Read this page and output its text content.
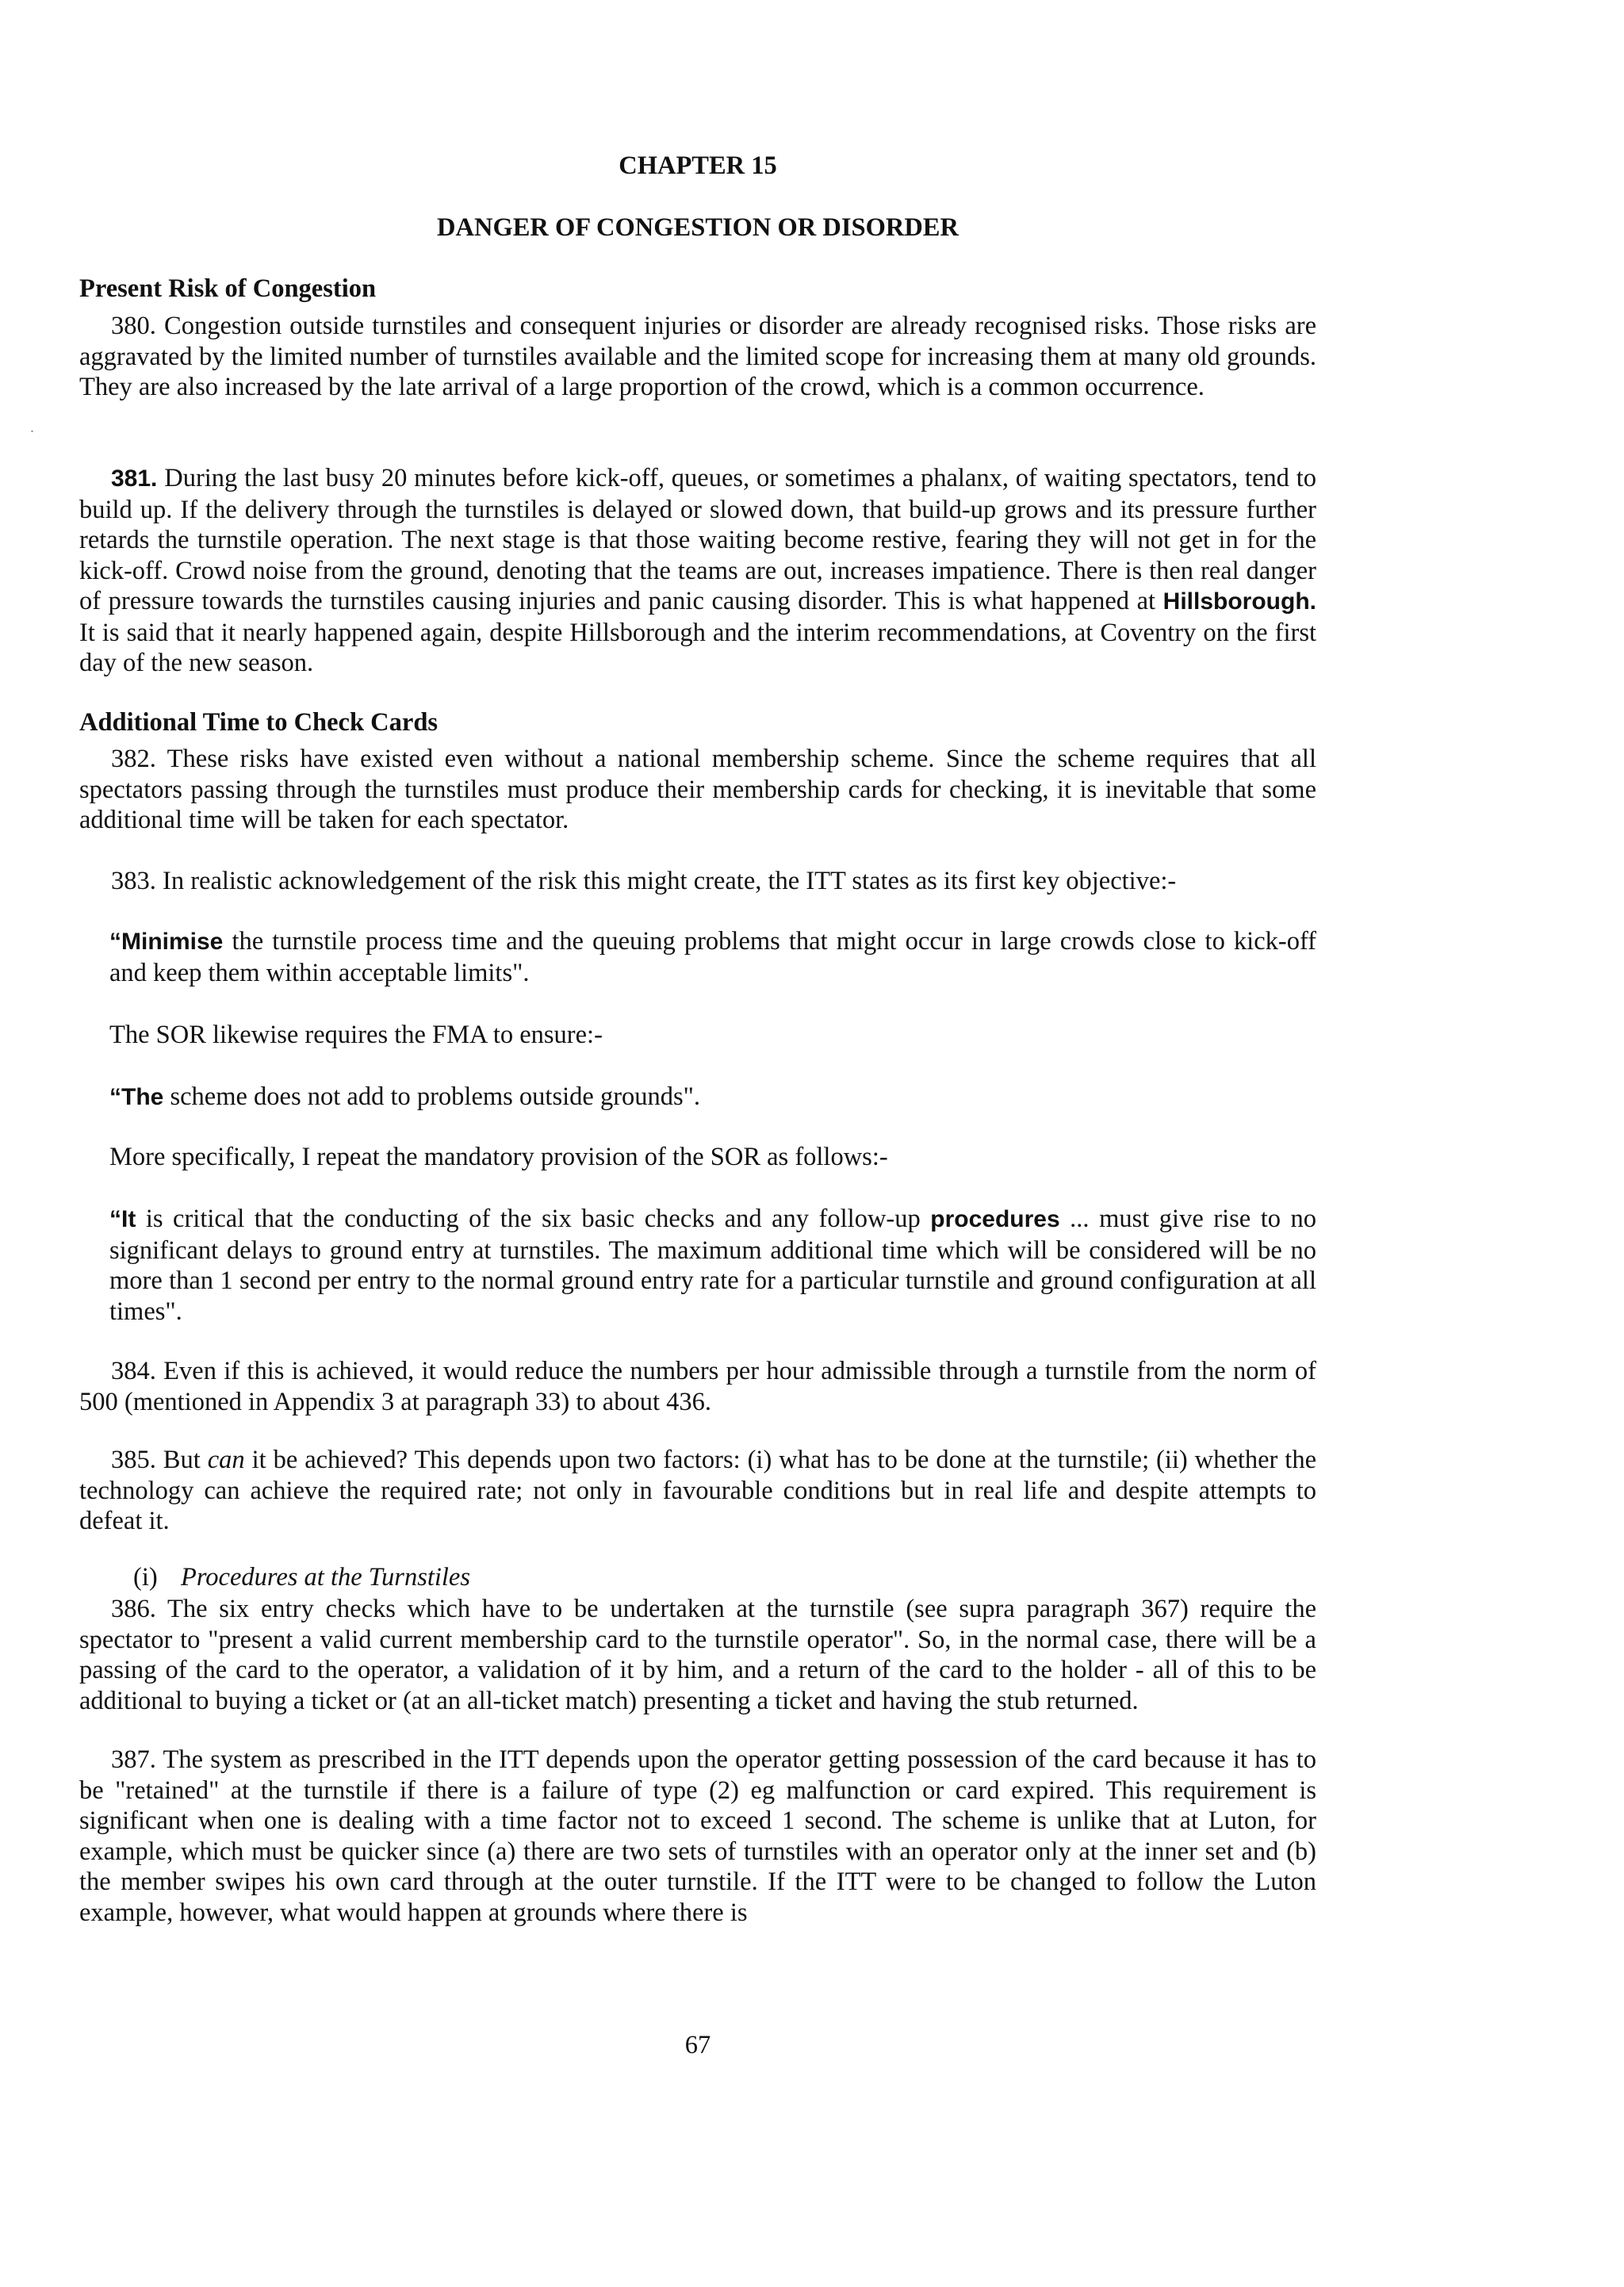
CHAPTER 15
DANGER OF CONGESTION OR DISORDER
Present Risk of Congestion

380. Congestion outside turnstiles and consequent injuries or disorder are already recognised risks. Those risks are aggravated by the limited number of turnstiles available and the limited scope for increasing them at many old grounds. They are also increased by the late arrival of a large proportion of the crowd, which is a common occurrence.

381. During the last busy 20 minutes before kick-off, queues, or sometimes a phalanx, of waiting spectators, tend to build up. If the delivery through the turnstiles is delayed or slowed down, that build-up grows and its pressure further retards the turnstile operation. The next stage is that those waiting become restive, fearing they will not get in for the kick-off. Crowd noise from the ground, denoting that the teams are out, increases impatience. There is then real danger of pressure towards the turnstiles causing injuries and panic causing disorder. This is what happened at Hillsborough. It is said that it nearly happened again, despite Hillsborough and the interim recommendations, at Coventry on the first day of the new season.

Additional Time to Check Cards

382. These risks have existed even without a national membership scheme. Since the scheme requires that all spectators passing through the turnstiles must produce their membership cards for checking, it is inevitable that some additional time will be taken for each spectator.

383. In realistic acknowledgement of the risk this might create, the ITT states as its first key objective:-

“Minimise the turnstile process time and the queuing problems that might occur in large crowds close to kick-off and keep them within acceptable limits".

The SOR likewise requires the FMA to ensure:-

“The scheme does not add to problems outside grounds".

More specifically, I repeat the mandatory provision of the SOR as follows:-

“It is critical that the conducting of the six basic checks and any follow-up procedures ... must give rise to no significant delays to ground entry at turnstiles. The maximum additional time which will be considered will be no more than 1 second per entry to the normal ground entry rate for a particular turnstile and ground configuration at all times".

384. Even if this is achieved, it would reduce the numbers per hour admissible through a turnstile from the norm of 500 (mentioned in Appendix 3 at paragraph 33) to about 436.

385. But can it be achieved? This depends upon two factors: (i) what has to be done at the turnstile; (ii) whether the technology can achieve the required rate; not only in favourable conditions but in real life and despite attempts to defeat it.

(i) Procedures at the Turnstiles

386. The six entry checks which have to be undertaken at the turnstile (see supra paragraph 367) require the spectator to "present a valid current membership card to the turnstile operator". So, in the normal case, there will be a passing of the card to the operator, a validation of it by him, and a return of the card to the holder - all of this to be additional to buying a ticket or (at an all-ticket match) presenting a ticket and having the stub returned.

387. The system as prescribed in the ITT depends upon the operator getting possession of the card because it has to be "retained" at the turnstile if there is a failure of type (2) eg malfunction or card expired. This requirement is significant when one is dealing with a time factor not to exceed 1 second. The scheme is unlike that at Luton, for example, which must be quicker since (a) there are two sets of turnstiles with an operator only at the inner set and (b) the member swipes his own card through at the outer turnstile. If the ITT were to be changed to follow the Luton example, however, what would happen at grounds where there is

67
.
